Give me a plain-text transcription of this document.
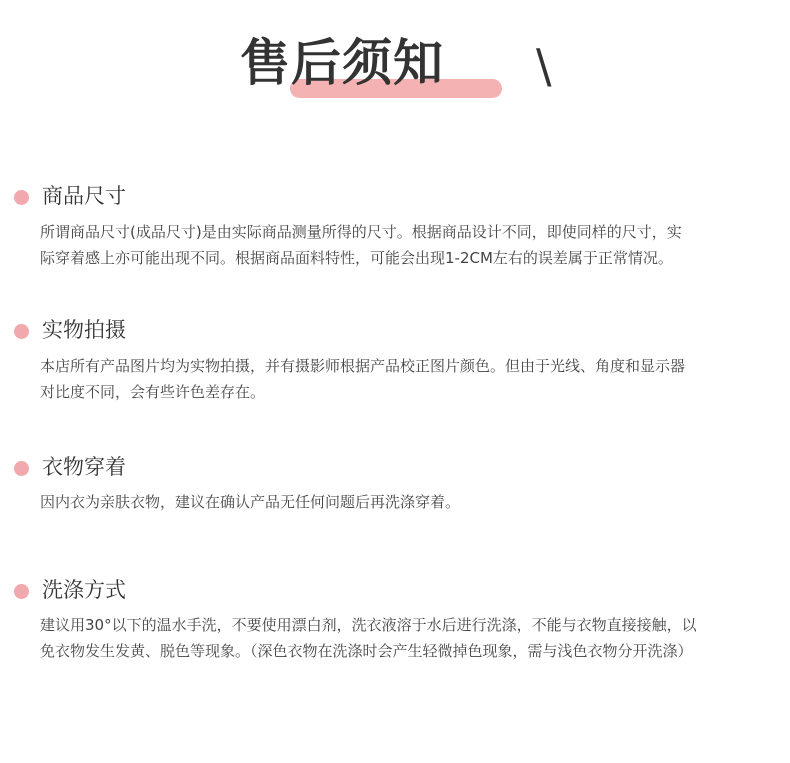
售后须知 \
商品尺寸
所谓商品尺寸(成品尺寸)是由实际商品测量所得的尺寸。根据商品设计不同，即使同样的尺寸，实
际穿着感上亦可能出现不同。根据商品面料特性，可能会出现1-2CM左右的误差属于正常情况。
实物拍摄
本店所有产品图片均为实物拍摄，并有摄影师根据产品校正图片颜色。但由于光线、角度和显示器
对比度不同，会有些许色差存在。
衣物穿着
因内衣为亲肤衣物，建议在确认产品无任何问题后再洗涤穿着。
洗涤方式
建议用30°以下的温水手洗，不要使用漂白剂，洗衣液溶于水后进行洗涤，不能与衣物直接接触，以
免衣物发生发黄、脱色等现象。（深色衣物在洗涤时会产生轻微掉色现象，需与浅色衣物分开洗涤）
